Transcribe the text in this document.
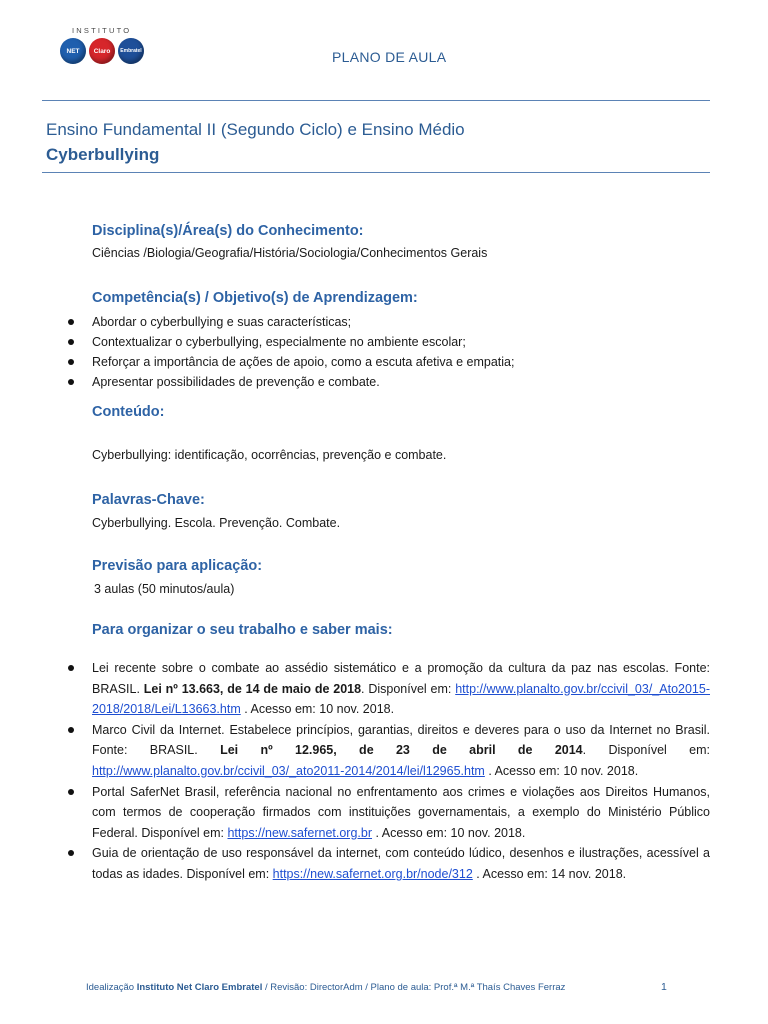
INSTITUTO
NET	Claro	Embratel	PLANO DE AULA
Ensino Fundamental II (Segundo Ciclo) e Ensino Médio
Cyberbullying
Disciplina(s)/Área(s) do Conhecimento:
Ciências /Biologia/Geografia/História/Sociologia/Conhecimentos Gerais
Competência(s) / Objetivo(s) de Aprendizagem:
Abordar o cyberbullying e suas características;
Contextualizar o cyberbullying, especialmente no ambiente escolar;
Reforçar a importância de ações de apoio, como a escuta afetiva e empatia;
Apresentar possibilidades de prevenção e combate.
Conteúdo:
Cyberbullying: identificação, ocorrências, prevenção e combate.
Palavras-Chave:
Cyberbullying. Escola. Prevenção. Combate.
Previsão para aplicação:
3 aulas (50 minutos/aula)
Para organizar o seu trabalho e saber mais:
Lei recente sobre o combate ao assédio sistemático e a promoção da cultura da paz nas escolas. Fonte: BRASIL. Lei nº 13.663, de 14 de maio de 2018. Disponível em: http://www.planalto.gov.br/ccivil_03/_Ato2015-2018/2018/Lei/L13663.htm . Acesso em: 10 nov. 2018.
Marco Civil da Internet. Estabelece princípios, garantias, direitos e deveres para o uso da Internet no Brasil. Fonte: BRASIL. Lei nº 12.965, de 23 de abril de 2014. Disponível em: http://www.planalto.gov.br/ccivil_03/_ato2011-2014/2014/lei/l12965.htm . Acesso em: 10 nov. 2018.
Portal SaferNet Brasil, referência nacional no enfrentamento aos crimes e violações aos Direitos Humanos, com termos de cooperação firmados com instituições governamentais, a exemplo do Ministério Público Federal. Disponível em: https://new.safernet.org.br . Acesso em: 10 nov. 2018.
Guia de orientação de uso responsável da internet, com conteúdo lúdico, desenhos e ilustrações, acessível a todas as idades. Disponível em: https://new.safernet.org.br/node/312 . Acesso em: 14 nov. 2018.
Idealização Instituto Net Claro Embratel / Revisão: DirectorAdm / Plano de aula: Prof.ª M.ª Thaís Chaves Ferraz	1
